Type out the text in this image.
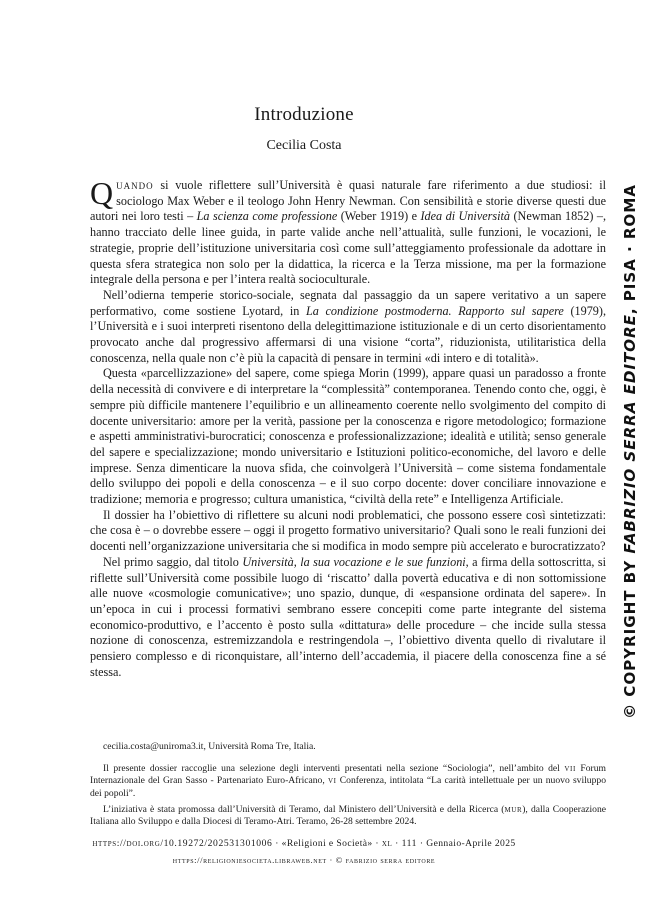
Introduzione
Cecilia Costa

Quando si vuole riflettere sull’Università è quasi naturale fare riferimento a due studiosi: il sociologo Max Weber e il teologo John Henry Newman. Con sensibilità e storie diverse questi due autori nei loro testi – La scienza come professione (Weber 1919) e Idea di Università (Newman 1852) –, hanno tracciato delle linee guida, in parte valide anche nell’attualità, sulle funzioni, le vocazioni, le strategie, proprie dell’istituzione universitaria così come sull’atteggiamento professionale da adottare in questa sfera strategica non solo per la didattica, la ricerca e la Terza missione, ma per la formazione integrale della persona e per l’intera realtà socioculturale.

Nell’odierna temperie storico-sociale, segnata dal passaggio da un sapere veritativo a un sapere performativo, come sostiene Lyotard, in La condizione postmoderna. Rapporto sul sapere (1979), l’Università e i suoi interpreti risentono della delegittimazione istituzionale e di un certo disorientamento provocato anche dal progressivo affermarsi di una visione “corta”, riduzionista, utilitaristica della conoscenza, nella quale non c’è più la capacità di pensare in termini «di intero e di totalità».

Questa «parcellizzazione» del sapere, come spiega Morin (1999), appare quasi un paradosso a fronte della necessità di convivere e di interpretare la “complessità” contemporanea. Tenendo conto che, oggi, è sempre più difficile mantenere l’equilibrio e un allineamento coerente nello svolgimento del compito di docente universitario: amore per la verità, passione per la conoscenza e rigore metodologico; formazione e aspetti amministrativi-burocratici; conoscenza e professionalizzazione; idealità e utilità; senso generale del sapere e specializzazione; mondo universitario e Istituzioni politico-economiche, del lavoro e delle imprese. Senza dimenticare la nuova sfida, che coinvolgerà l’Università – come sistema fondamentale dello sviluppo dei popoli e della conoscenza – e il suo corpo docente: dover conciliare innovazione e tradizione; memoria e progresso; cultura umanistica, “civiltà della rete” e Intelligenza Artificiale.

Il dossier ha l’obiettivo di riflettere su alcuni nodi problematici, che possono essere così sintetizzati: che cosa è – o dovrebbe essere – oggi il progetto formativo universitario? Quali sono le reali funzioni dei docenti nell’organizzazione universitaria che si modifica in modo sempre più accelerato e burocratizzato?

Nel primo saggio, dal titolo Università, la sua vocazione e le sue funzioni, a firma della sottoscritta, si riflette sull’Università come possibile luogo di ‘riscatto’ dalla povertà educativa e di non sottomissione alle nuove «cosmologie comunicative»; uno spazio, dunque, di «espansione ordinata del sapere». In un’epoca in cui i processi formativi sembrano essere concepiti come parte integrante del sistema economico-produttivo, e l’accento è posto sulla «dittatura» delle procedure – che incide sulla stessa nozione di conoscenza, estremizzandola e restringendola –, l’obiettivo diventa quello di rivalutare il pensiero complesso e di riconquistare, all’interno dell’accademia, il piacere della conoscenza fine a sé stessa.

cecilia.costa@uniroma3.it, Università Roma Tre, Italia.

Il presente dossier raccoglie una selezione degli interventi presentati nella sezione “Sociologia”, nell’ambito del vii Forum Internazionale del Gran Sasso - Partenariato Euro-Africano, vi Conferenza, intitolata “La carità intellettuale per un nuovo sviluppo dei popoli”.

L’iniziativa è stata promossa dall’Università di Teramo, dal Ministero dell’Università e della Ricerca (mur), dalla Cooperazione Italiana allo Sviluppo e dalla Diocesi di Teramo-Atri. Teramo, 26-28 settembre 2024.

https://doi.org/10.19272/202531301006 · «Religioni e Società» · xl · 111 · Gennaio-Aprile 2025
https://religioniesocieta.libraweb.net · © fabrizio serra editore
© COPYRIGHT BY FABRIZIO SERRA EDITORE, PISA · ROMA
